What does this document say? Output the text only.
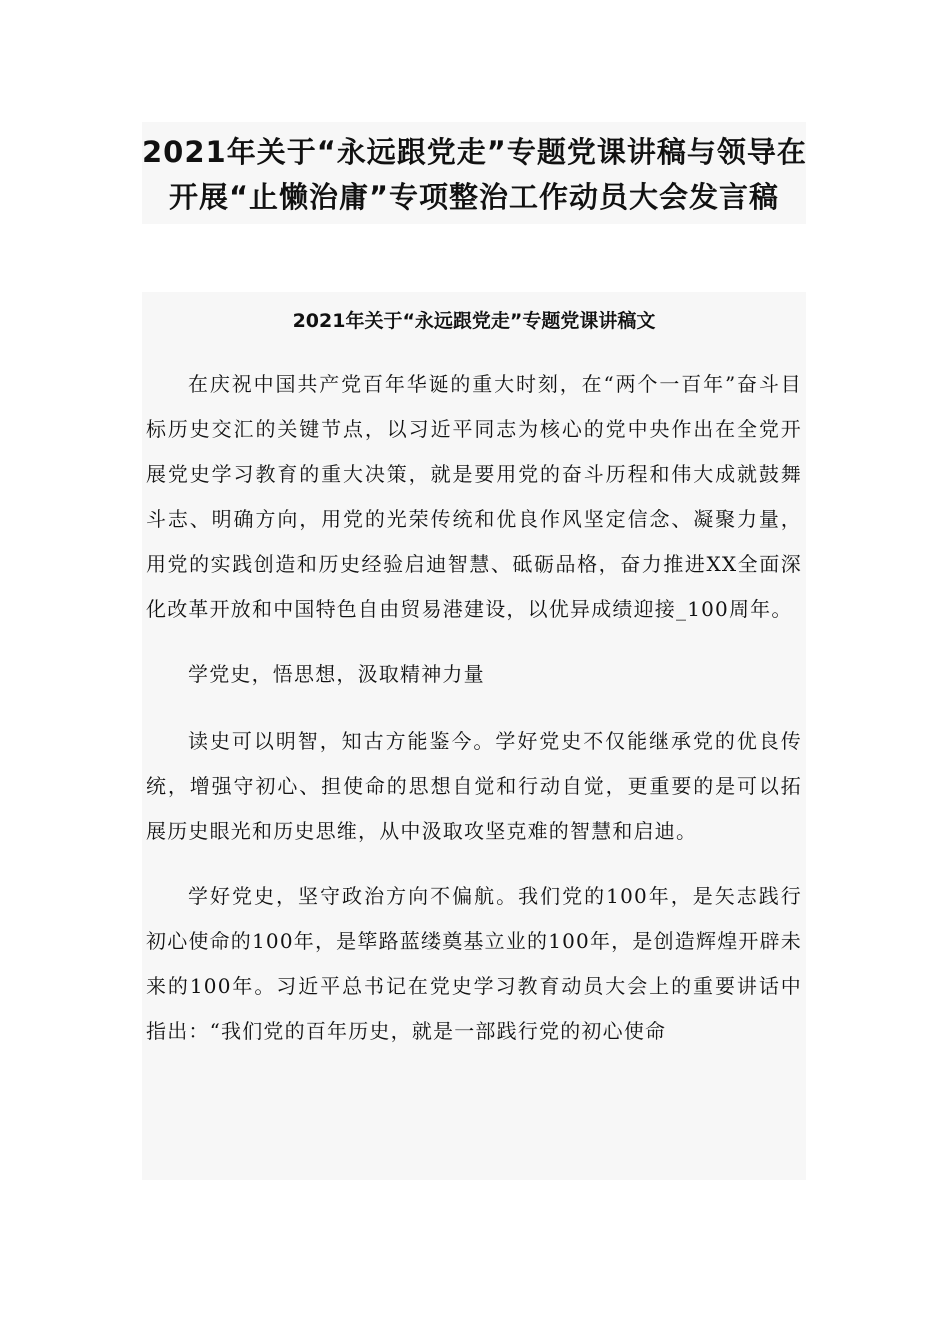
2021年关于“永远跟党走”专题党课讲稿与领导在
开展“止懒治庸”专项整治工作动员大会发言稿
2021年关于“永远跟党走”专题党课讲稿文

在庆祝中国共产党百年华诞的重大时刻，在“两个一百年”奋斗目标历史交汇的关键节点，以习近平同志为核心的党中央作出在全党开展党史学习教育的重大决策，就是要用党的奋斗历程和伟大成就鼓舞斗志、明确方向，用党的光荣传统和优良作风坚定信念、凝聚力量，用党的实践创造和历史经验启迪智慧、砥砺品格，奋力推进XX全面深化改革开放和中国特色自由贸易港建设，以优异成绩迎接_100周年。

学党史，悟思想，汲取精神力量

读史可以明智，知古方能鉴今。学好党史不仅能继承党的优良传统，增强守初心、担使命的思想自觉和行动自觉，更重要的是可以拓展历史眼光和历史思维，从中汲取攻坚克难的智慧和启迪。

学好党史，坚守政治方向不偏航。我们党的100年，是矢志践行初心使命的100年，是筚路蓝缕奠基立业的100年，是创造辉煌开辟未来的100年。习近平总书记在党史学习教育动员大会上的重要讲话中指出：“我们党的百年历史，就是一部践行党的初心使命
